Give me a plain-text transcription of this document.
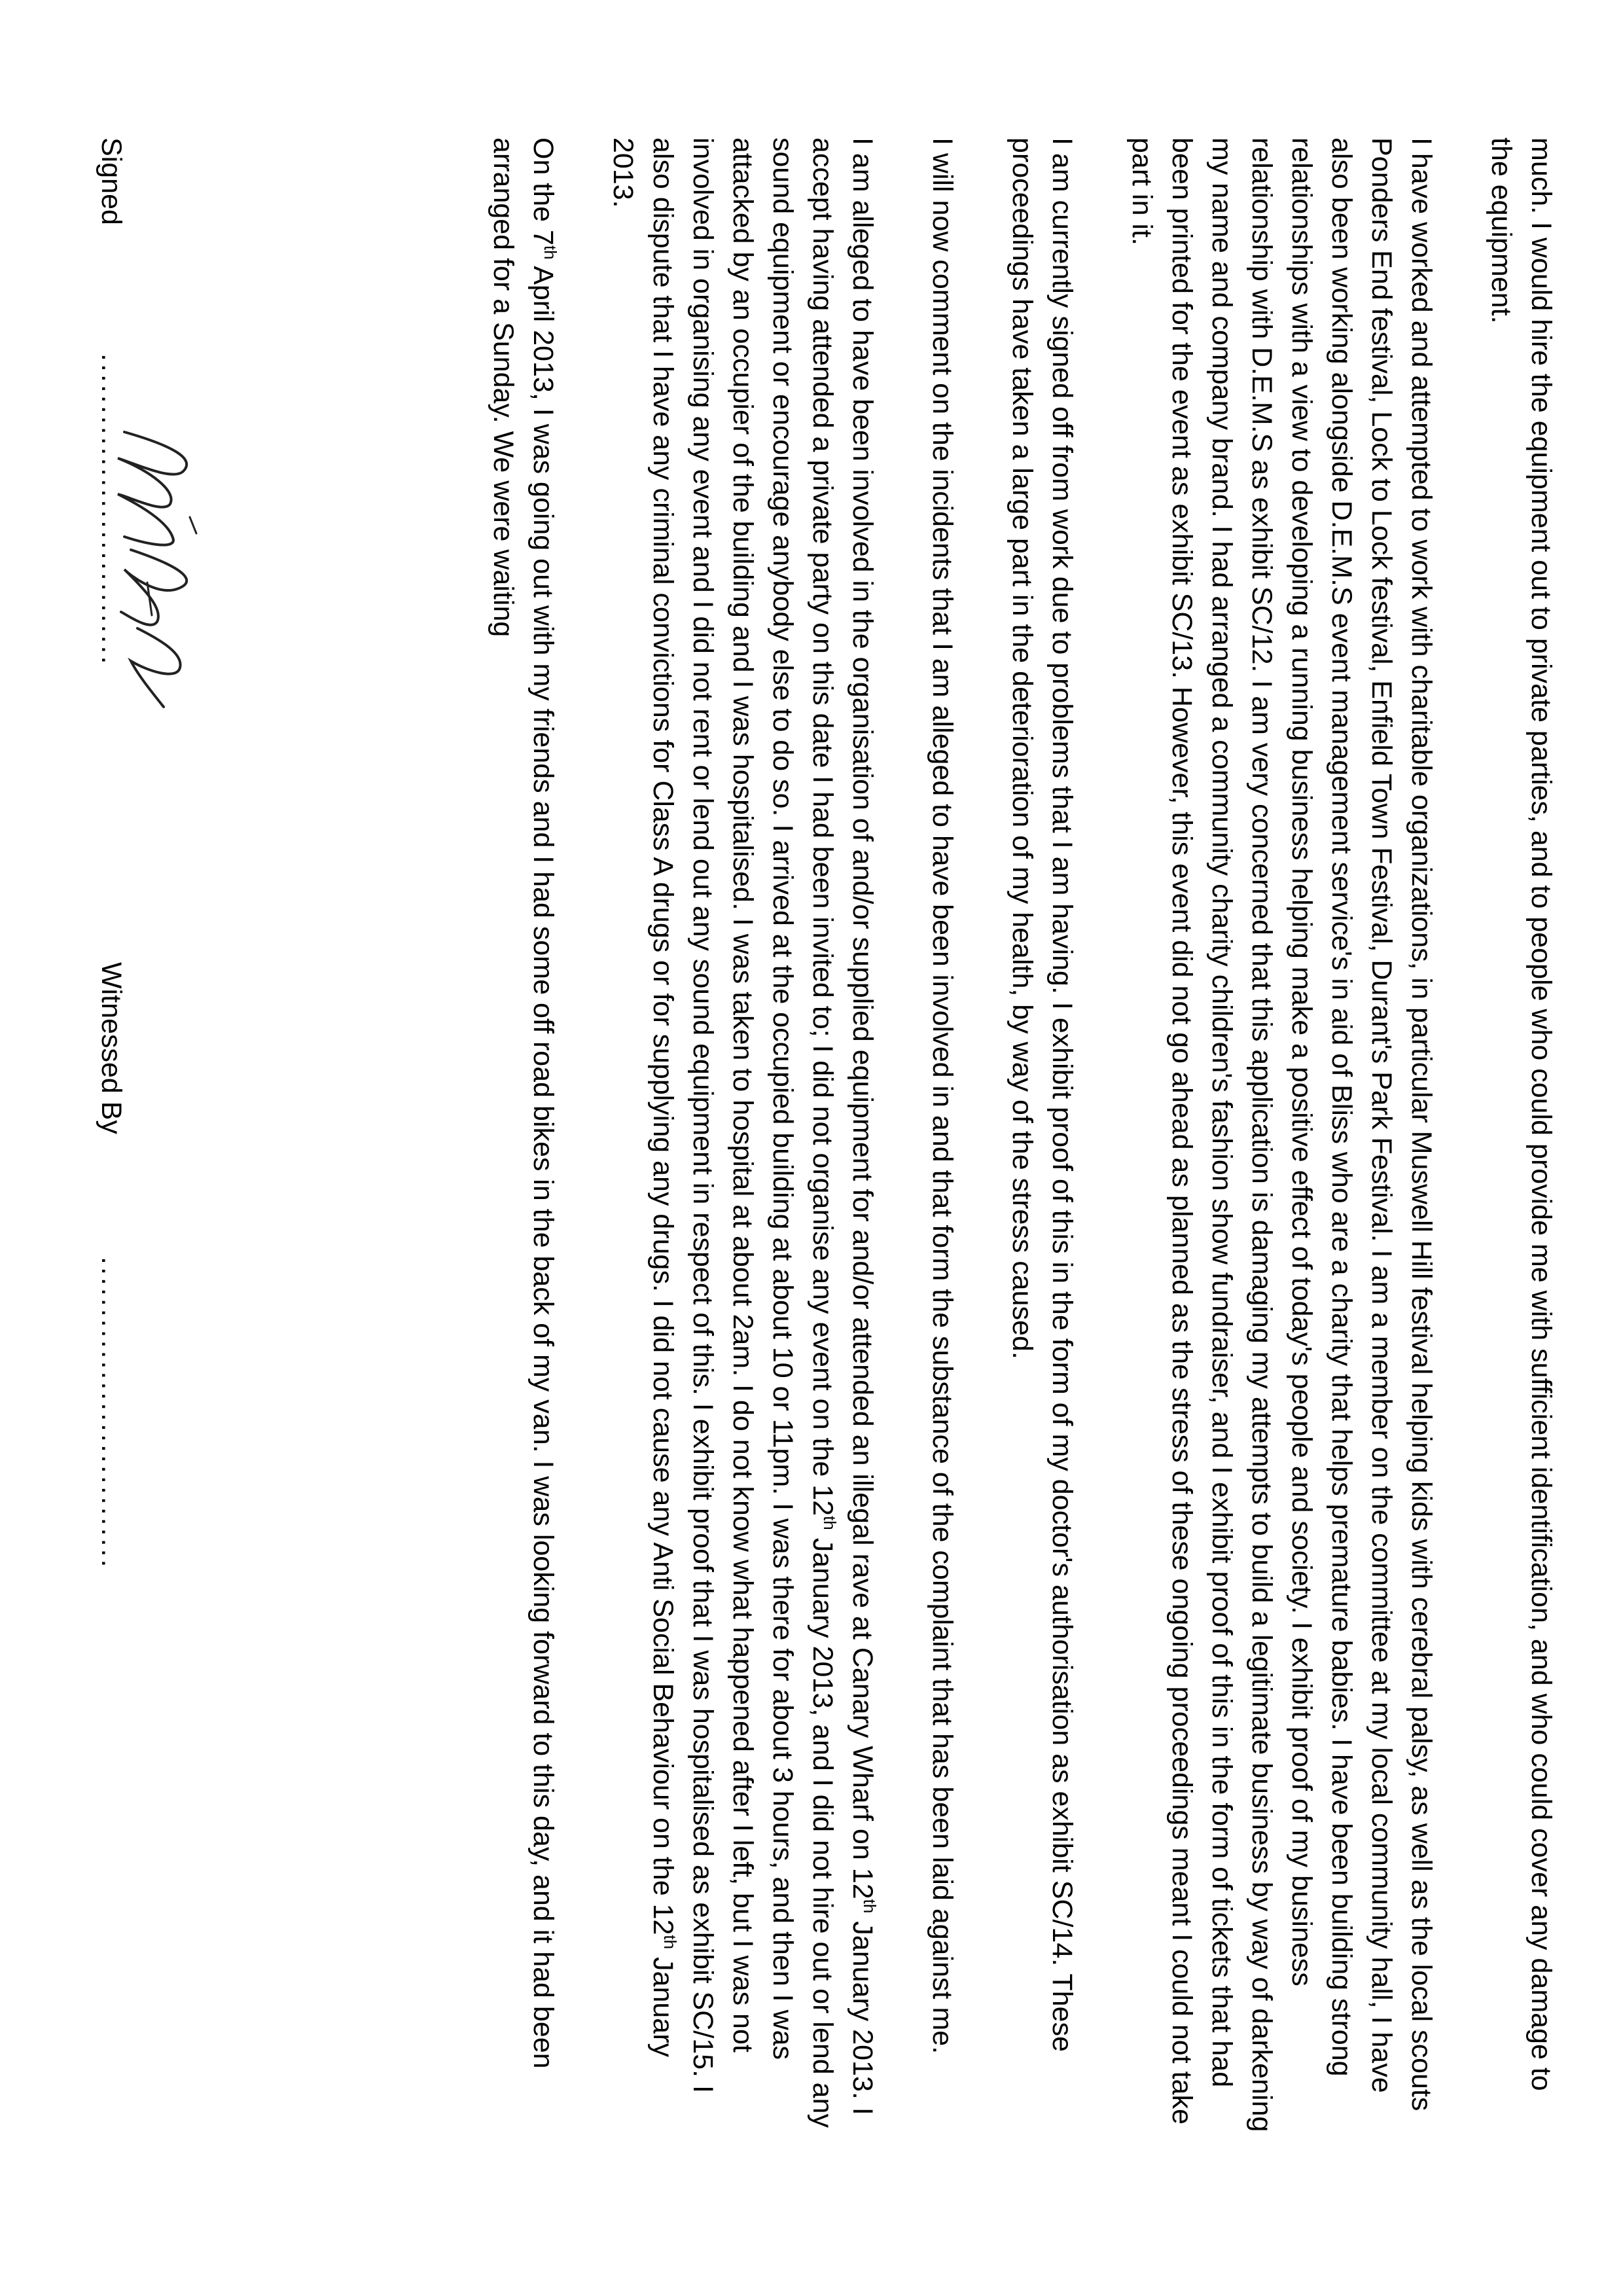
much. I would hire the equipment out to private parties, and to people who could provide me with sufficient identification, and who could cover any damage to the equipment.

I have worked and attempted to work with charitable organizations, in particular Muswell Hill festival helping kids with cerebral palsy, as well as the local scouts Ponders End festival, Lock to Lock festival, Enfield Town Festival, Durant's Park Festival. I am a member on the committee at my local community hall, I have also been working alongside D.E.M.S event management service's in aid of Bliss who are a charity that helps premature babies. I have been building strong relationships with a view to developing a running business helping make a positive effect of today's people and society. I exhibit proof of my business relationship with D.E.M.S as exhibit SC/12. I am very concerned that this application is damaging my attempts to build a legitimate business by way of darkening my name and company brand. I had arranged a community charity children's fashion show fundraiser, and I exhibit proof of this in the form of tickets that had been printed for the event as exhibit SC/13. However, this event did not go ahead as planned as the stress of these ongoing proceedings meant I could not take part in it.

I am currently signed off from work due to problems that I am having. I exhibit proof of this in the form of my doctor's authorisation as exhibit SC/14. These proceedings have taken a large part in the deterioration of my health, by way of the stress caused.

I will now comment on the incidents that I am alleged to have been involved in and that form the substance of the complaint that has been laid against me.

I am alleged to have been involved in the organisation of and/or supplied equipment for and/or attended an illegal rave at Canary Wharf on 12th January 2013. I accept having attended a private party on this date I had been invited to; I did not organise any event on the 12th January 2013, and I did not hire out or lend any sound equipment or encourage anybody else to do so. I arrived at the occupied building at about 10 or 11pm. I was there for about 3 hours, and then I was attacked by an occupier of the building and I was hospitalised. I was taken to hospital at about 2am. I do not know what happened after I left, but I was not involved in organising any event and I did not rent or lend out any sound equipment in respect of this. I exhibit proof that I was hospitalised as exhibit SC/15. I also dispute that I have any criminal convictions for Class A drugs or for supplying any drugs. I did not cause any Anti Social Behaviour on the 12th January 2013.

On the 7th April 2013, I was going out with my friends and I had some off road bikes in the back of my van. I was looking forward to this day, and it had been arranged for a Sunday. We were waiting

Signed
..............................
Witnessed By
..............................
